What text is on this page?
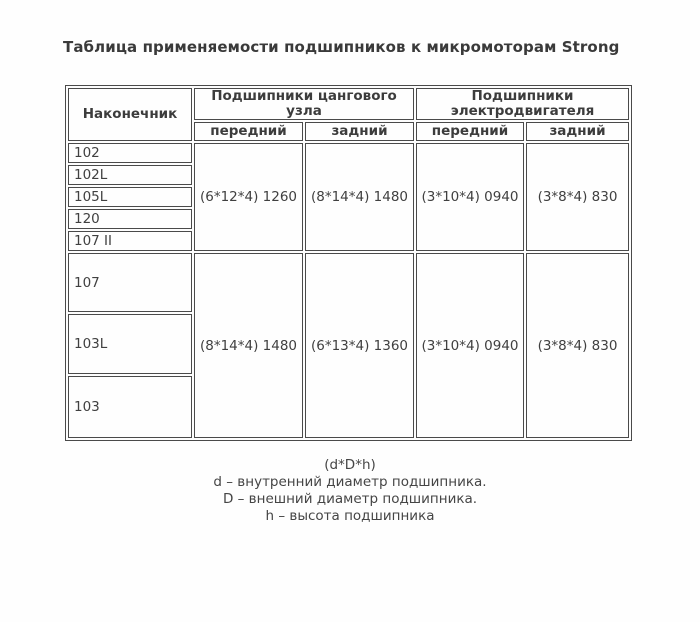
Таблица применяемости подшипников к микромоторам Strong
Наконечник	Подшипники цангового узла		Подшипники электродвигателя	
	передний	задний	передний	задний
102	(6*12*4) 1260	(8*14*4) 1480	(3*10*4) 0940	(3*8*4) 830
102L				
105L				
120				
107 II				
107	(8*14*4) 1480	(6*13*4) 1360	(3*10*4) 0940	(3*8*4) 830
103L				
103				
(d*D*h)
d – внутренний диаметр подшипника.
D – внешний диаметр подшипника.
h – высота подшипника
